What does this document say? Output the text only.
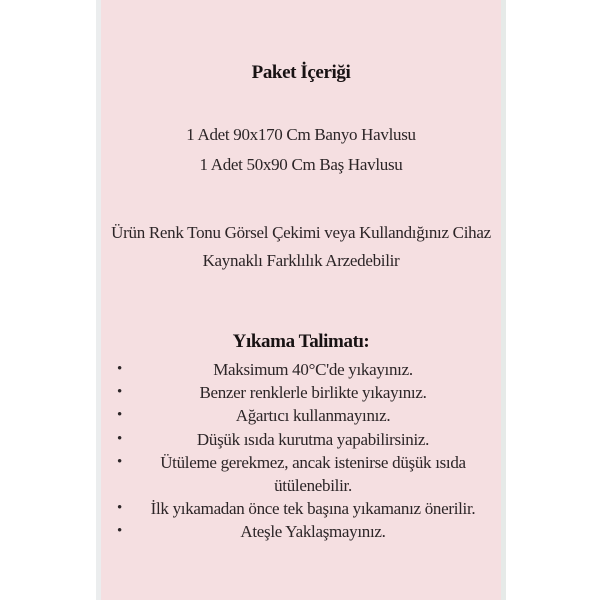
Paket İçeriği
1 Adet 90x170 Cm Banyo Havlusu
1 Adet 50x90 Cm Baş Havlusu
Ürün Renk Tonu Görsel Çekimi veya Kullandığınız Cihaz
Kaynaklı Farklılık Arzedebilir
Yıkama Talimatı:
• Maksimum 40°C'de yıkayınız.
• Benzer renklerle birlikte yıkayınız.
• Ağartıcı kullanmayınız.
• Düşük ısıda kurutma yapabilirsiniz.
• Ütüleme gerekmez, ancak istenirse düşük ısıda ütülenebilir.
• İlk yıkamadan önce tek başına yıkamanız önerilir.
• Ateşle Yaklaşmayınız.
